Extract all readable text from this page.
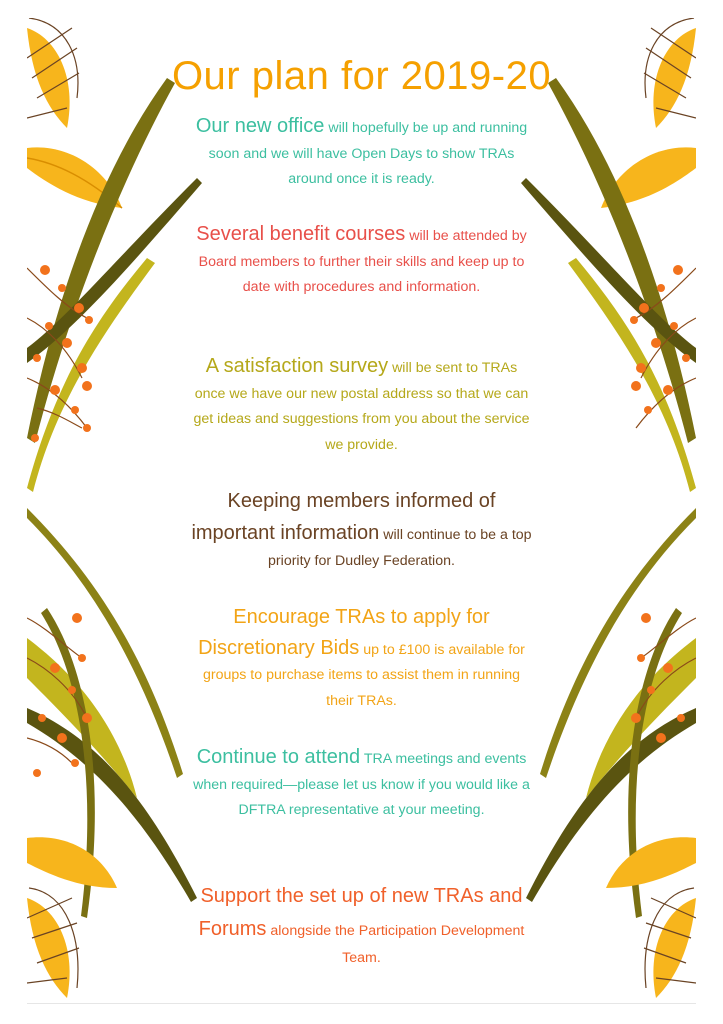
Our plan for 2019-20

Our new office will hopefully be up and running soon and we will have Open Days to show TRAs around once it is ready.

Several benefit courses will be attended by Board members to further their skills and keep up to date with procedures and information.

A satisfaction survey will be sent to TRAs once we have our new postal address so that we can get ideas and suggestions from you about the service we provide.

Keeping members informed of important information will continue to be a top priority for Dudley Federation.

Encourage TRAs to apply for Discretionary Bids up to £100 is available for groups to purchase items to assist them in running their TRAs.

Continue to attend TRA meetings and events when required—please let us know if you would like a DFTRA representative at your meeting.

Support the set up of new TRAs and Forums alongside the Participation Development Team.
